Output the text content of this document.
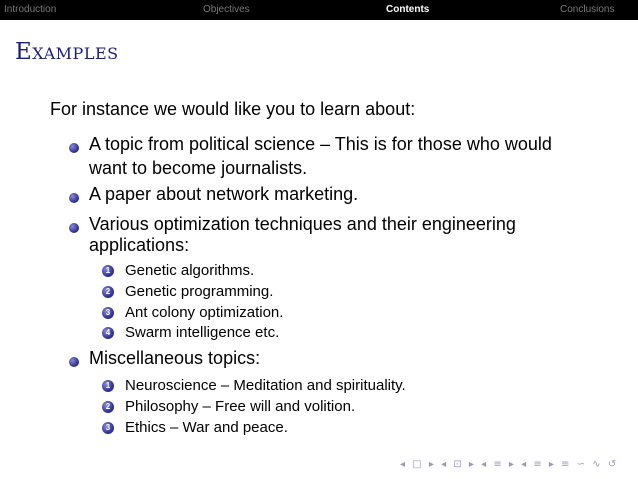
Introduction	Objectives	Contents	Conclusions
Examples
For instance we would like you to learn about:
A topic from political science – This is for those who would
want to become journalists.
A paper about network marketing.
Various optimization techniques and their engineering
applications:
1 Genetic algorithms.
2 Genetic programming.
3 Ant colony optimization.
4 Swarm intelligence etc.
Miscellaneous topics:
1 Neuroscience – Meditation and spirituality.
2 Philosophy – Free will and volition.
3 Ethics – War and peace.
◂ □ ▸ ◂ ⊡ ▸ ◂ ≡ ▸ ◂ ≡ ▸ ≡ ∽ ∿ ↺
